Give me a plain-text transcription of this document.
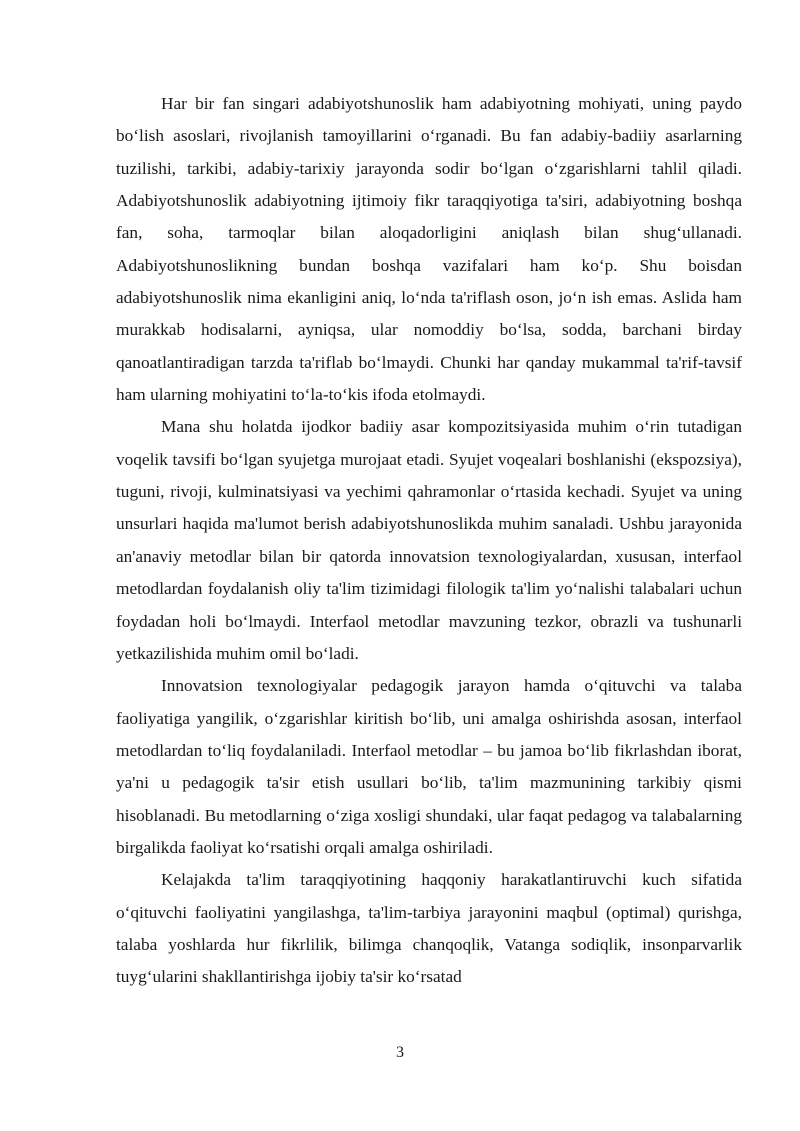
Har bir fan singari adabiyotshunoslik ham adabiyotning mohiyati, uning paydo bo‘lish asoslari, rivojlanish tamoyillarini o‘rganadi. Bu fan adabiy-badiiy asarlarning tuzilishi, tarkibi, adabiy-tarixiy jarayonda sodir bo‘lgan o‘zgarishlarni tahlil qiladi. Adabiyotshunoslik adabiyotning ijtimoiy fikr taraqqiyotiga ta'siri, adabiyotning boshqa fan, soha, tarmoqlar bilan aloqadorligini aniqlash bilan shug‘ullanadi. Adabiyotshunoslikning bundan boshqa vazifalari ham ko‘p. Shu boisdan adabiyotshunoslik nima ekanligini aniq, lo‘nda ta'riflash oson, jo‘n ish emas. Aslida ham murakkab hodisalarni, ayniqsa, ular nomoddiy bo‘lsa, sodda, barchani birday qanoatlantiradigan tarzda ta'riflab bo‘lmaydi. Chunki har qanday mukammal ta'rif-tavsif ham ularning mohiyatini to‘la-to‘kis ifoda etolmaydi.

Mana shu holatda ijodkor badiiy asar kompozitsiyasida muhim o‘rin tutadigan voqelik tavsifi bo‘lgan syujetga murojaat etadi. Syujet voqealari boshlanishi (ekspozsiya), tuguni, rivoji, kulminatsiyasi va yechimi qahramonlar o‘rtasida kechadi. Syujet va uning unsurlari haqida ma'lumot berish adabiyotshunoslikda muhim sanaladi. Ushbu jarayonida an'anaviy metodlar bilan bir qatorda innovatsion texnologiyalardan, xususan, interfaol metodlardan foydalanish oliy ta'lim tizimidagi filologik ta'lim yo‘nalishi talabalari uchun foydadan holi bo‘lmaydi. Interfaol metodlar mavzuning tezkor, obrazli va tushunarli yetkazilishida muhim omil bo‘ladi.

Innovatsion texnologiyalar pedagogik jarayon hamda o‘qituvchi va talaba faoliyatiga yangilik, o‘zgarishlar kiritish bo‘lib, uni amalga oshirishda asosan, interfaol metodlardan to‘liq foydalaniladi. Interfaol metodlar – bu jamoa bo‘lib fikrlashdan iborat, ya'ni u pedagogik ta'sir etish usullari bo‘lib, ta'lim mazmunining tarkibiy qismi hisoblanadi. Bu metodlarning o‘ziga xosligi shundaki, ular faqat pedagog va talabalarning birgalikda faoliyat ko‘rsatishi orqali amalga oshiriladi.

Kelajakda ta'lim taraqqiyotining haqqoniy harakatlantiruvchi kuch sifatida o‘qituvchi faoliyatini yangilashga, ta'lim-tarbiya jarayonini maqbul (optimal) qurishga, talaba yoshlarda hur fikrlilik, bilimga chanqoqlik, Vatanga sodiqlik, insonparvarlik tuyg‘ularini shakllantirishga ijobiy ta'sir ko‘rsatad

3
